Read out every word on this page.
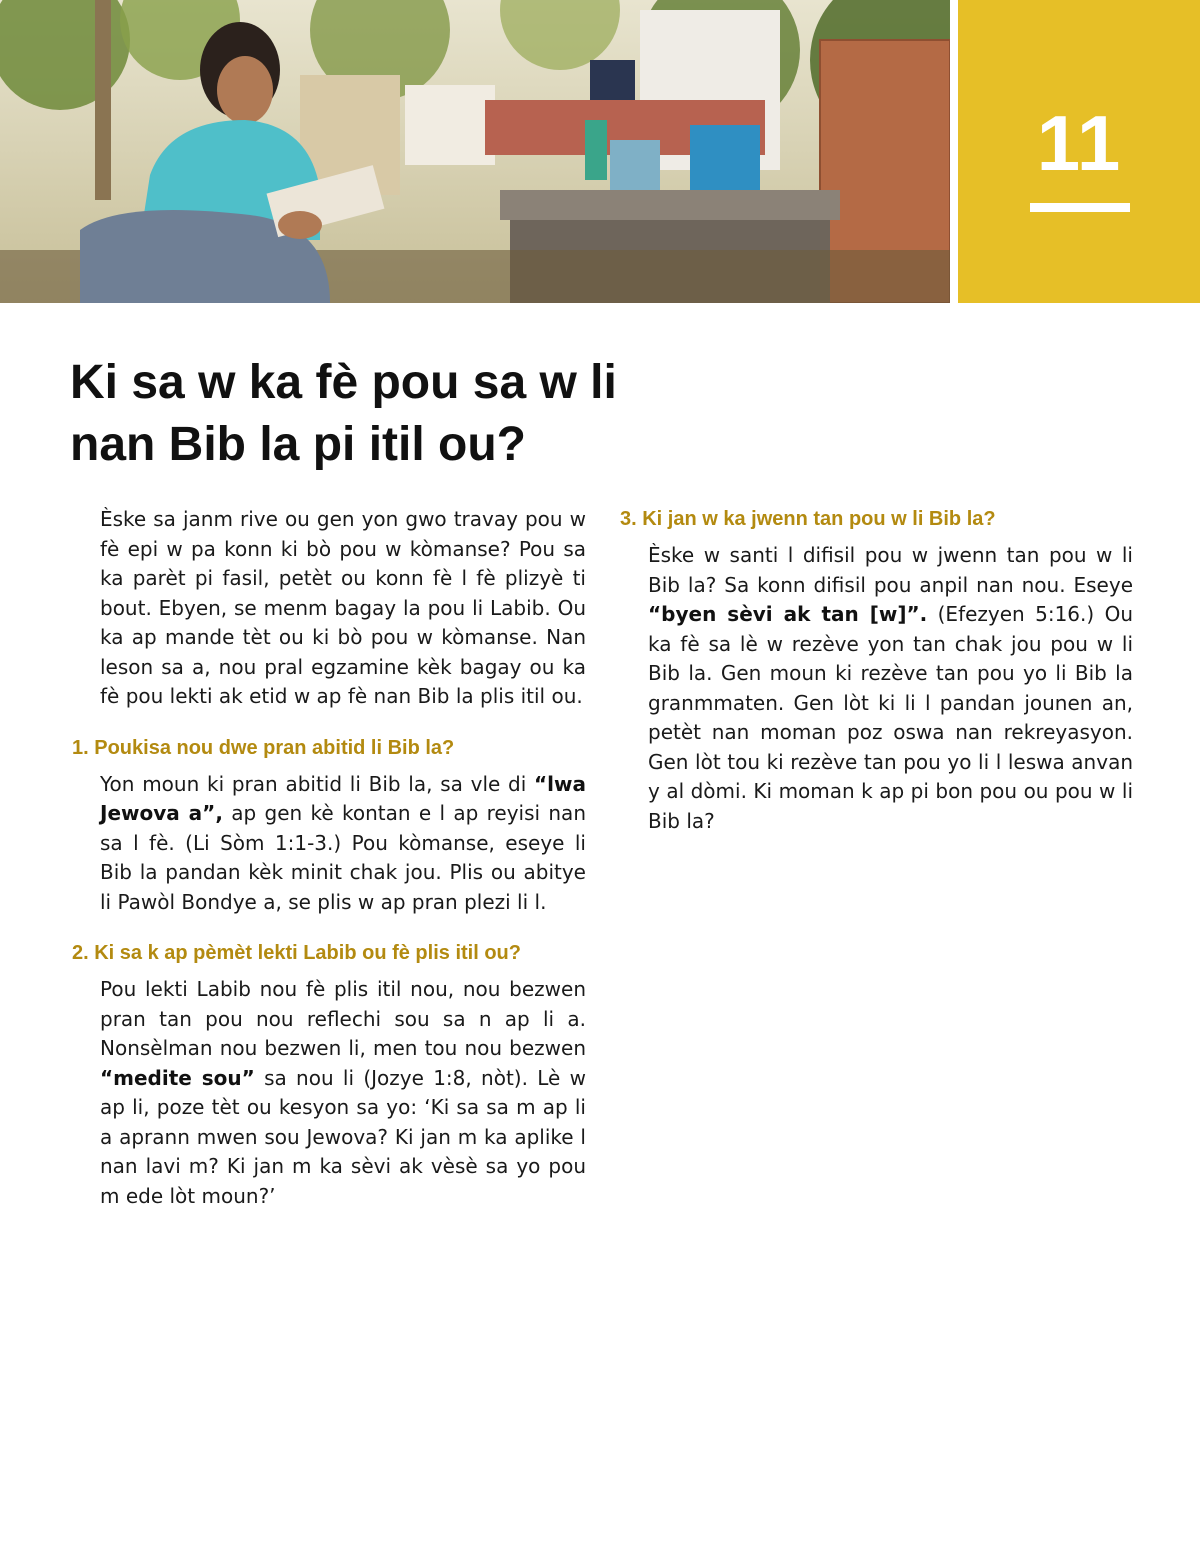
11
Ki sa w ka fè pou sa w li
nan Bib la pi itil ou?

Èske sa janm rive ou gen yon gwo travay pou w fè epi w pa konn ki bò pou w kòmanse? Pou sa ka parèt pi fasil, petèt ou konn fè l fè plizyè ti bout. Ebyen, se menm bagay la pou li Labib. Ou ka ap mande tèt ou ki bò pou w kòmanse. Nan leson sa a, nou pral egzamine kèk bagay ou ka fè pou lekti ak etid w ap fè nan Bib la plis itil ou.

1. Poukisa nou dwe pran abitid li Bib la?

Yon moun ki pran abitid li Bib la, sa vle di “lwa Jewova a”, ap gen kè kontan e l ap reyisi nan sa l fè. (Li Sòm 1:1-3.) Pou kòmanse, eseye li Bib la pandan kèk minit chak jou. Plis ou abitye li Pawòl Bondye a, se plis w ap pran plezi li l.

2. Ki sa k ap pèmèt lekti Labib ou fè plis itil ou?

Pou lekti Labib nou fè plis itil nou, nou bezwen pran tan pou nou reflechi sou sa n ap li a. Nonsèlman nou bezwen li, men tou nou bezwen “medite sou” sa nou li (Jozye 1:8, nòt). Lè w ap li, poze tèt ou kesyon sa yo: ‘Ki sa sa m ap li a aprann mwen sou Jewova? Ki jan m ka aplike l nan lavi m? Ki jan m ka sèvi ak vèsè sa yo pou m ede lòt moun?’

3. Ki jan w ka jwenn tan pou w li Bib la?

Èske w santi l difisil pou w jwenn tan pou w li Bib la? Sa konn difisil pou anpil nan nou. Eseye “byen sèvi ak tan [w]”. (Efezyen 5:16.) Ou ka fè sa lè w rezève yon tan chak jou pou w li Bib la. Gen moun ki rezève tan pou yo li Bib la granmmaten. Gen lòt ki li l pandan jounen an, petèt nan moman poz oswa nan rekreyasyon. Gen lòt tou ki rezève tan pou yo li l leswa anvan y al dòmi. Ki moman k ap pi bon pou ou pou w li Bib la?
